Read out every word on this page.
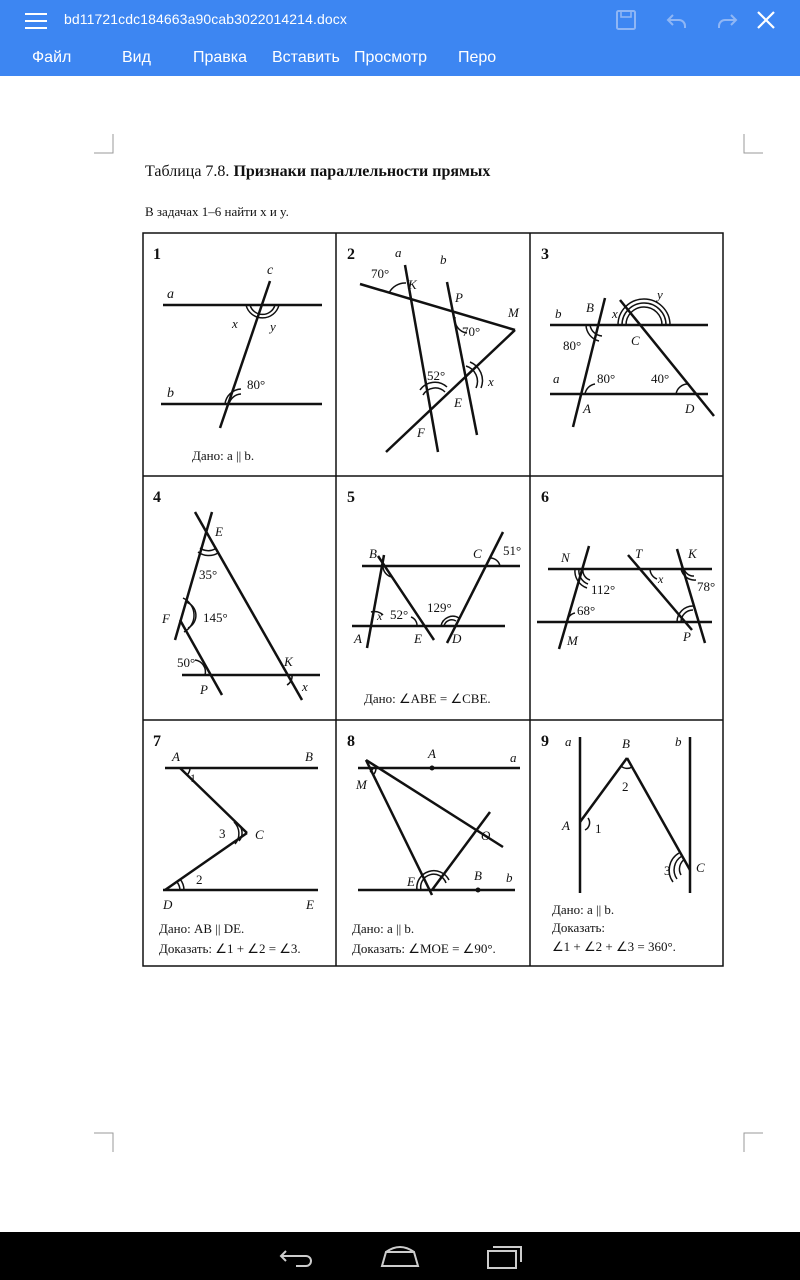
bd11721cdc184663a90cab3022014214.docx
Файл	Вид	Правка Вставить Просмотр Перо
Таблица 7.8. Признаки параллельности прямых
В задачах 1–6 найти x и y.
1
a
b
c
x y
80°
Дано: a || b.
2	a	b
70°
K
P
M
70°
52°	x
E
F
3
b B x
y
C
80°
a	80°	40°
A	D
4
E
35°
F	145°
50°	K
P	x
5
B	C 51°
x 52° 129°
A	E D
Дано: ∠ABE = ∠CBE.
6
N	T	K
112°
x	78°
68°
M	P
7
A
1
B
3 C
2
D	E
Дано: AB || DE.
Доказать: ∠1 + ∠2 = ∠3.
8
A	a
M
O
E	B b
Дано: a || b.
Доказать: ∠MOE = ∠90°.
9 a	B	b
2
A 1
3 C
Дано: a || b.
Доказать:
∠1 + ∠2 + ∠3 = 360°.
